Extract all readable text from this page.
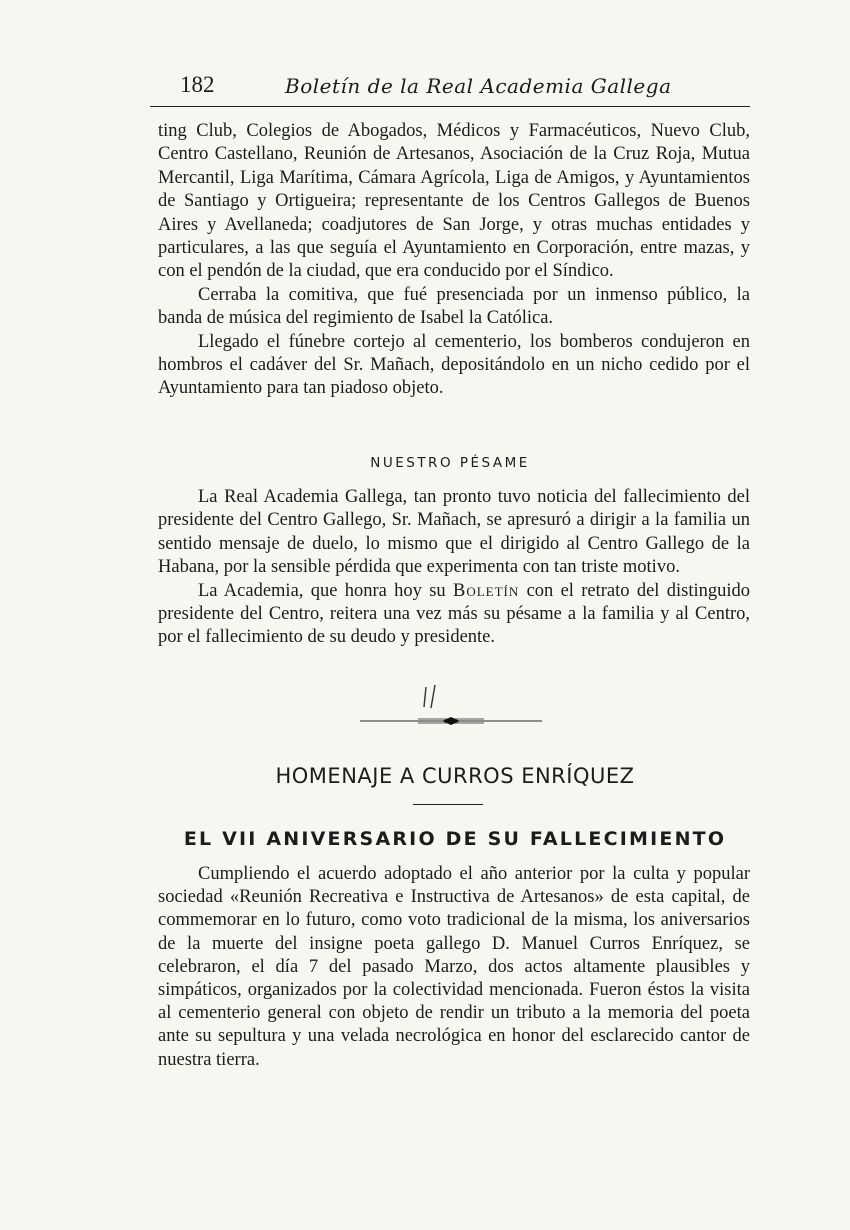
182	Boletín de la Real Academia Gallega

ting Club, Colegios de Abogados, Médicos y Farmacéuticos, Nuevo Club, Centro Castellano, Reunión de Artesanos, Asociación de la Cruz Roja, Mutua Mercantil, Liga Marítima, Cámara Agrícola, Liga de Amigos, y Ayuntamientos de Santiago y Ortigueira; representante de los Centros Gallegos de Buenos Aires y Avellaneda; coadjutores de San Jorge, y otras muchas entidades y particulares, a las que seguía el Ayuntamiento en Corporación, entre mazas, y con el pendón de la ciudad, que era conducido por el Síndico.

Cerraba la comitiva, que fué presenciada por un inmenso público, la banda de música del regimiento de Isabel la Católica.

Llegado el fúnebre cortejo al cementerio, los bomberos condujeron en hombros el cadáver del Sr. Mañach, depositándolo en un nicho cedido por el Ayuntamiento para tan piadoso objeto.

NUESTRO PÉSAME

La Real Academia Gallega, tan pronto tuvo noticia del fallecimiento del presidente del Centro Gallego, Sr. Mañach, se apresuró a dirigir a la familia un sentido mensaje de duelo, lo mismo que el dirigido al Centro Gallego de la Habana, por la sensible pérdida que experimenta con tan triste motivo.

La Academia, que honra hoy su Boletín con el retrato del distinguido presidente del Centro, reitera una vez más su pésame a la familia y al Centro, por el fallecimiento de su deudo y presidente.

HOMENAJE A CURROS ENRÍQUEZ
EL VII ANIVERSARIO DE SU FALLECIMIENTO

Cumpliendo el acuerdo adoptado el año anterior por la culta y popular sociedad «Reunión Recreativa e Instructiva de Artesanos» de esta capital, de commemorar en lo futuro, como voto tradicional de la misma, los aniversarios de la muerte del insigne poeta gallego D. Manuel Curros Enríquez, se celebraron, el día 7 del pasado Marzo, dos actos altamente plausibles y simpáticos, organizados por la colectividad mencionada. Fueron éstos la visita al cementerio general con objeto de rendir un tributo a la memoria del poeta ante su sepultura y una velada necrológica en honor del esclarecido cantor de nuestra tierra.
